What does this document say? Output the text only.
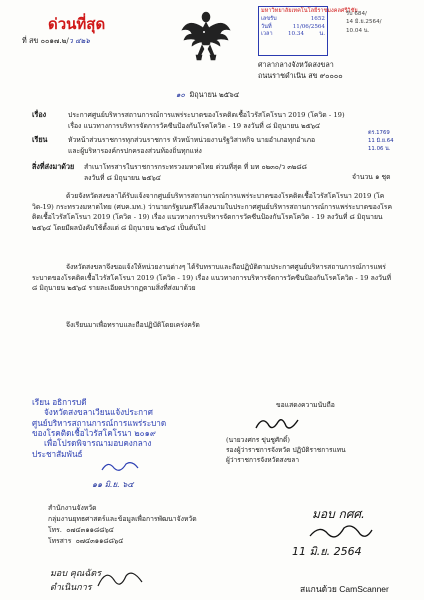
ด่วนที่สุด
ที่ สข ๐๐๑๗.๒/ว ๔๒๖
มหาวิทยาลัยเทคโนโลยีราชมงคลศรีวิชัย
เลขรับ	1652
วันที่	11/06/2564
เวลา	10.34	น.
รับ 684/
14 มิ.ย.2564/
10.04 น.
ศาลากลางจังหวัดสงขลา
ถนนราชดำเนิน สข ๙๐๐๐๐
๑๐ มิถุนายน ๒๕๖๔
เรื่อง	ประกาศศูนย์บริหารสถานการณ์การแพร่ระบาดของโรคติดเชื้อไวรัสโคโรนา 2019 (โควิด - 19)
เรื่อง แนวทางการบริหารจัดการวัคซีนป้องกันโรคโควิด - 19 ลงวันที่ ๘ มิถุนายน ๒๕๖๔
เรียน	หัวหน้าส่วนราชการทุกส่วนราชการ หัวหน้าหน่วยงานรัฐวิสาหกิจ นายอำเภอทุกอำเภอ
และผู้บริหารองค์กรปกครองส่วนท้องถิ่นทุกแห่ง
ตร.1769
11 มิ.ย.64
11.06 น.
สิ่งที่ส่งมาด้วย สำเนาโทรสารในราชการกระทรวงมหาดไทย ด่วนที่สุด ที่ มท ๐๒๓๐/ว ๓๒๘๘
ลงวันที่ ๘ มิถุนายน ๒๕๖๔	จำนวน ๑ ชุด
ด้วยจังหวัดสงขลาได้รับแจ้งจากศูนย์บริหารสถานการณ์การแพร่ระบาดของโรคติดเชื้อไวรัสโคโรนา 2019 (โควิด-19) กระทรวงมหาดไทย (ศบค.มท.) ว่านายกรัฐมนตรีได้ลงนามในประกาศศูนย์บริหารสถานการณ์การแพร่ระบาดของโรคติดเชื้อไวรัสโคโรนา 2019 (โควิด - 19) เรื่อง แนวทางการบริหารจัดการวัคซีนป้องกันโรคโควิด - 19 ลงวันที่ ๘ มิถุนายน ๒๕๖๔ โดยมีผลบังคับใช้ตั้งแต่ ๘ มิถุนายน ๒๕๖๔ เป็นต้นไป
จังหวัดสงขลาจึงขอแจ้งให้หน่วยงานต่างๆ ได้รับทราบและถือปฏิบัติตามประกาศศูนย์บริหารสถานการณ์การแพร่ระบาดของโรคติดเชื้อไวรัสโคโรนา 2019 (โควิด - 19) เรื่อง แนวทางการบริหารจัดการวัคซีนป้องกันโรคโควิด - 19 ลงวันที่ ๘ มิถุนายน ๒๕๖๔ รายละเอียดปรากฏตามสิ่งที่ส่งมาด้วย
จึงเรียนมาเพื่อทราบและถือปฏิบัติโดยเคร่งครัด
ขอแสดงความนับถือ
(นายวงศกร ขุ่นชูศักดิ์)
รองผู้ว่าราชการจังหวัด ปฏิบัติราชการแทน
ผู้ว่าราชการจังหวัดสงขลา
เรียน อธิการบดี
จังหวัดสงขลาเวียนแจ้งประกาศ
ศูนย์บริหารสถานการณ์การแพร่ระบาด
ของโรคติดเชื้อไวรัสโคโรนา ๒๐๑๙
เพื่อโปรดพิจารณามอบคงกลาง
ประชาสัมพันธ์
๑๑ มิ.ย. ๖๔
สำนักงานจังหวัด
กลุ่มงานยุทธศาสตร์และข้อมูลเพื่อการพัฒนาจังหวัด
โทร. ๐๗๔๓๑๑๘๘๖๔
โทรสาร ๐๗๔๓๑๑๘๘๖๔
มอบ คุณฉัตร
ดำเนินการ
มอบ กศศ.
11 มิ.ย. 2564
สแกนด้วย CamScanner
